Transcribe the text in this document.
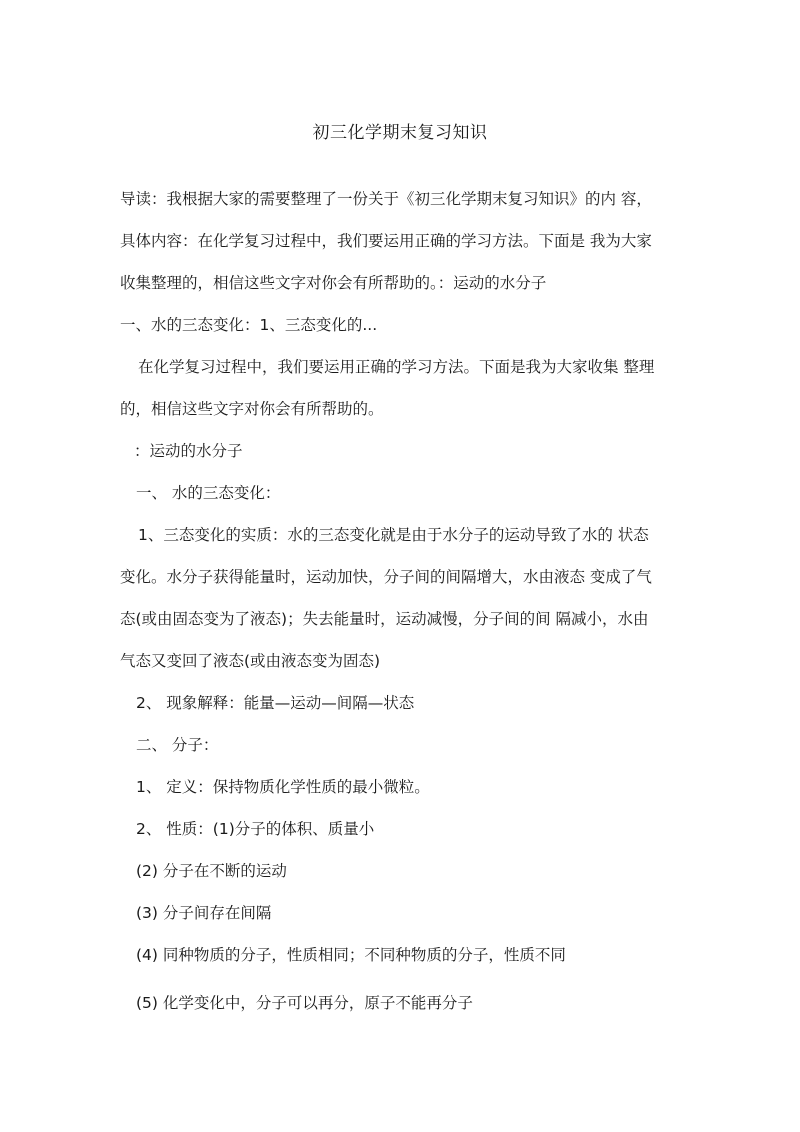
初三化学期末复习知识
导读：我根据大家的需要整理了一份关于《初三化学期末复习知识》的内 容，
具体内容：在化学复习过程中，我们要运用正确的学习方法。下面是 我为大家
收集整理的，相信这些文字对你会有所帮助的。：运动的水分子
一、水的三态变化：1、三态变化的...
在化学复习过程中，我们要运用正确的学习方法。下面是我为大家收集 整理
的，相信这些文字对你会有所帮助的。
：运动的水分子
一、 水的三态变化：
1、三态变化的实质：水的三态变化就是由于水分子的运动导致了水的 状态
变化。水分子获得能量时，运动加快，分子间的间隔增大，水由液态 变成了气
态(或由固态变为了液态)；失去能量时，运动减慢，分子间的间 隔减小，水由
气态又变回了液态(或由液态变为固态)
2、 现象解释：能量—运动—间隔—状态
二、 分子：
1、 定义：保持物质化学性质的最小微粒。
2、 性质：(1)分子的体积、质量小
(2) 分子在不断的运动
(3) 分子间存在间隔
(4) 同种物质的分子，性质相同；不同种物质的分子，性质不同
(5) 化学变化中，分子可以再分，原子不能再分子
